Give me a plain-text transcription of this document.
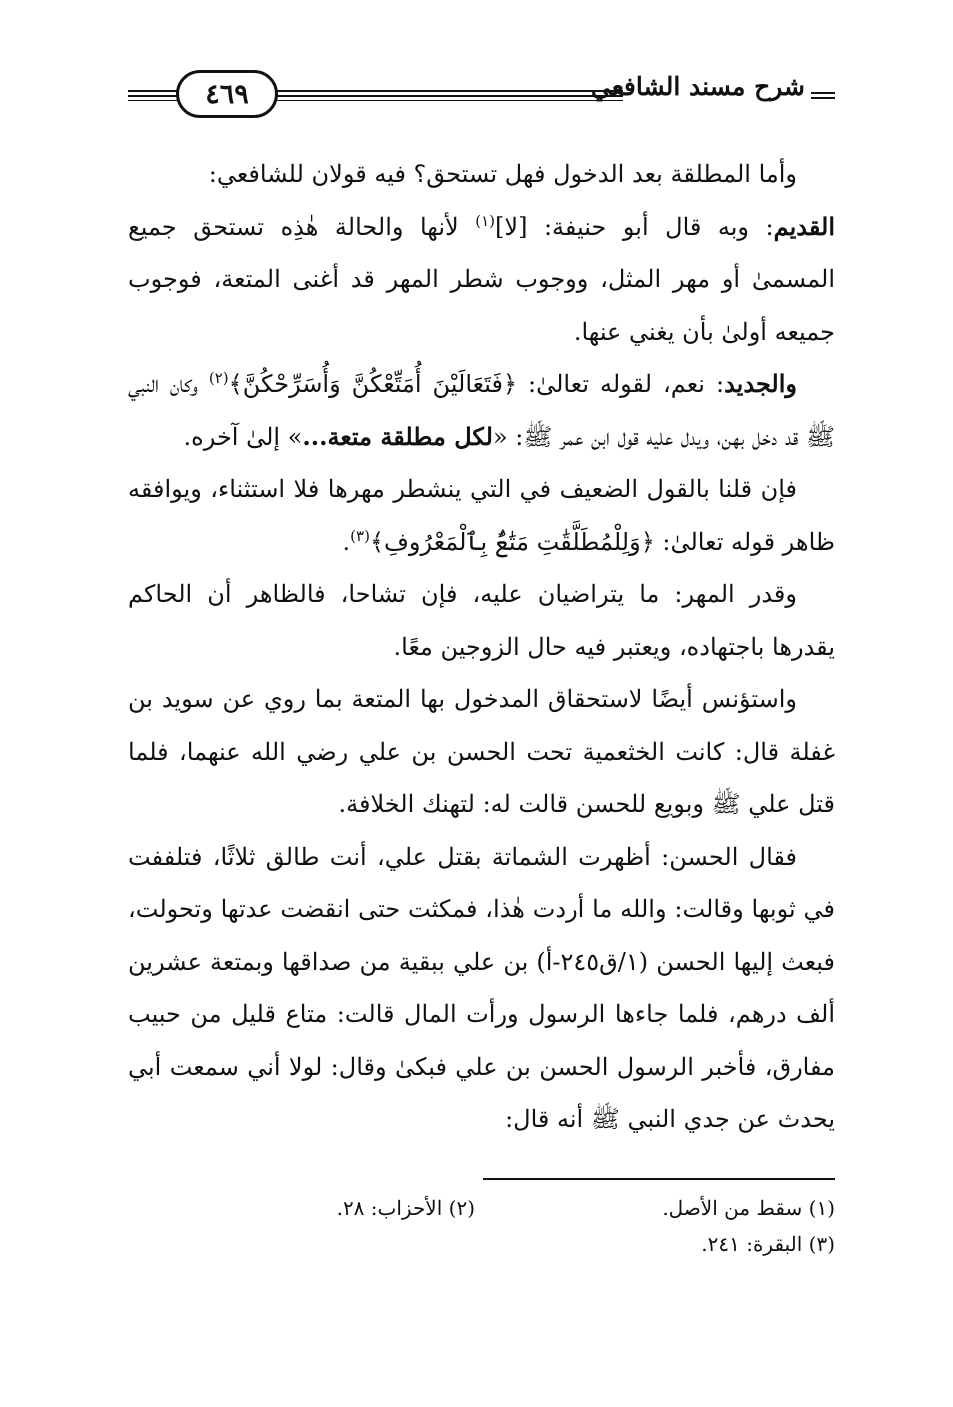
شرح مسند الشافعي
٤٦٩

وأما المطلقة بعد الدخول فهل تستحق؟ فيه قولان للشافعي:

القديم: وبه قال أبو حنيفة: [لا]$^{(١)}$ لأنها والحالة هٰذِه تستحق جميع المسمىٰ أو مهر المثل، ووجوب شطر المهر قد أغنى المتعة، فوجوب جميعه أولىٰ بأن يغني عنها.

والجديد: نعم، لقوله تعالىٰ: ﴿فَتَعَالَيْنَ أُمَتِّعْكُنَّ وَأُسَرِّحْكُنَّ﴾$^{(٢)}$ وكان النبي ﷺ قد دخل بهن، ويدل عليه قول ابن عمر ﷺ: «لكل مطلقة متعة...» إلىٰ آخره.

فإن قلنا بالقول الضعيف في التي ينشطر مهرها فلا استثناء، ويوافقه ظاهر قوله تعالىٰ: ﴿وَلِلْمُطَلَّقَٰتِ مَتَٰعٌۢ بِٱلْمَعْرُوفِ﴾$^{(٣)}$.

وقدر المهر: ما يتراضيان عليه، فإن تشاحا، فالظاهر أن الحاكم يقدرها باجتهاده، ويعتبر فيه حال الزوجين معًا.

واستؤنس أيضًا لاستحقاق المدخول بها المتعة بما روي عن سويد بن غفلة قال: كانت الخثعمية تحت الحسن بن علي رضي الله عنهما، فلما قتل علي ﷺ وبويع للحسن قالت له: لتهنك الخلافة.

فقال الحسن: أظهرت الشماتة بقتل علي، أنت طالق ثلاثًا، فتلففت في ثوبها وقالت: والله ما أردت هٰذا، فمكثت حتى انقضت عدتها وتحولت، فبعث إليها الحسن (١/ق٢٤٥-أ) بن علي ببقية من صداقها وبمتعة عشرين ألف درهم، فلما جاءها الرسول ورأت المال قالت: متاع قليل من حبيب مفارق، فأخبر الرسول الحسن بن علي فبكىٰ وقال: لولا أني سمعت أبي يحدث عن جدي النبي ﷺ أنه قال:

(١) سقط من الأصل.
(٢) الأحزاب: ٢٨.
(٣) البقرة: ٢٤١.
